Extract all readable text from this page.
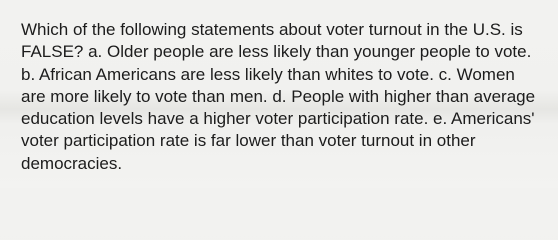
Which of the following statements about voter turnout in the U.S. is FALSE? a. Older people are less likely than younger people to vote. b. African Americans are less likely than whites to vote. c. Women are more likely to vote than men. d. People with higher than average education levels have a higher voter participation rate. e. Americans' voter participation rate is far lower than voter turnout in other democracies.
